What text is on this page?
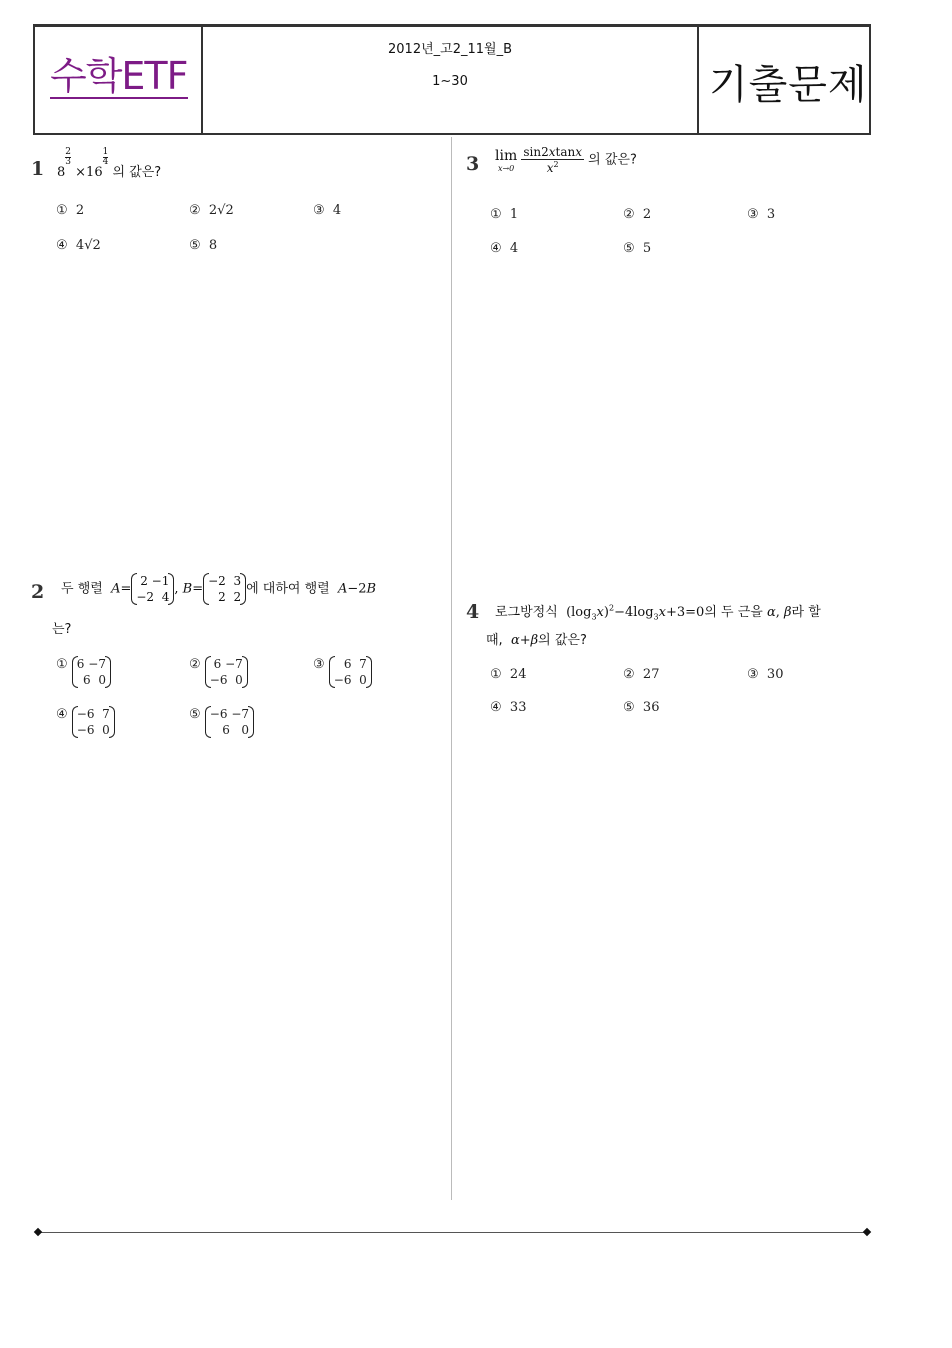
수학ETF
2012년_고2_11월_B
1~30	기출문제
1 8
$\frac{2}{3}$
×16
$\frac{1}{4}$
의 값은?
① 2	② 2√2	③ 4
④ 4√2	⑤ 8
3 lim
x→0
$\frac{\sin 2xtanx}{x^2}$ 의 값은?
① 1	② 2	③ 3
④ 4	⑤ 5
2 두 행렬 A=
2 −1
−2 4
, B=
−2 3
2 2
에 대하여 행렬 A−2B
는?
① 6 −7
6 0
②	6 −7
−6 0
③	6 7
−6 0
④ −6 7
−6 0
⑤ −6 −7
6 0
4 로그방정식 $(\log_3x)^2-4\log_3x+3=0$의 두 근을 α, β라 할
때, α+β의 값은?
① 24	② 27	③ 30
④ 33	⑤ 36
